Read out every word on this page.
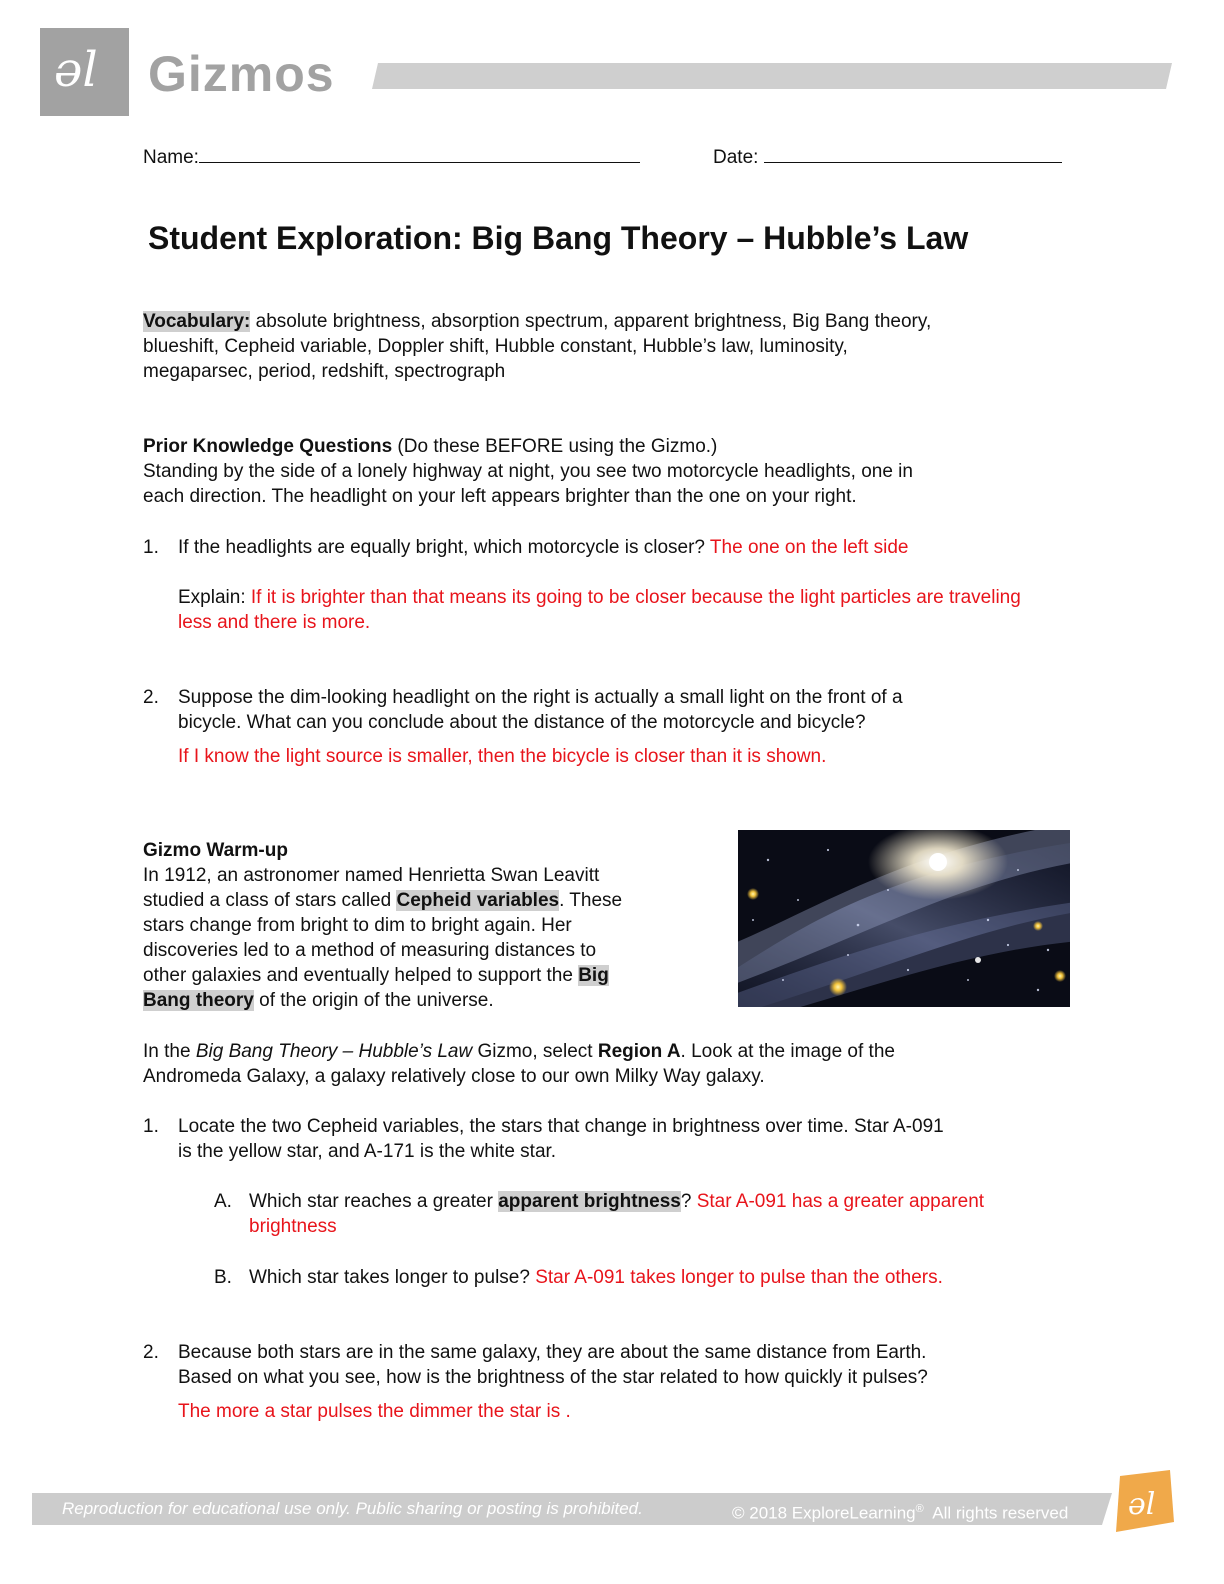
əl Gizmos
Name:	Date:
Student Exploration: Big Bang Theory – Hubble’s Law
Vocabulary: absolute brightness, absorption spectrum, apparent brightness, Big Bang theory,
blueshift, Cepheid variable, Doppler shift, Hubble constant, Hubble’s law, luminosity,
megaparsec, period, redshift, spectrograph
Prior Knowledge Questions (Do these BEFORE using the Gizmo.)
Standing by the side of a lonely highway at night, you see two motorcycle headlights, one in
each direction. The headlight on your left appears brighter than the one on your right.
1. If the headlights are equally bright, which motorcycle is closer? The one on the left side
Explain: If it is brighter than that means its going to be closer because the light particles are traveling
less and there is more.
2. Suppose the dim-looking headlight on the right is actually a small light on the front of a
bicycle. What can you conclude about the distance of the motorcycle and bicycle?
If I know the light source is smaller, then the bicycle is closer than it is shown.
Gizmo Warm-up
In 1912, an astronomer named Henrietta Swan Leavitt
studied a class of stars called Cepheid variables. These
stars change from bright to dim to bright again. Her
discoveries led to a method of measuring distances to
other galaxies and eventually helped to support the Big
Bang theory of the origin of the universe.
In the Big Bang Theory – Hubble’s Law Gizmo, select Region A. Look at the image of the
Andromeda Galaxy, a galaxy relatively close to our own Milky Way galaxy.
1. Locate the two Cepheid variables, the stars that change in brightness over time. Star A-091
is the yellow star, and A-171 is the white star.
A. Which star reaches a greater apparent brightness? Star A-091 has a greater apparent
brightness
B. Which star takes longer to pulse? Star A-091 takes longer to pulse than the others.
2. Because both stars are in the same galaxy, they are about the same distance from Earth.
Based on what you see, how is the brightness of the star related to how quickly it pulses?
The more a star pulses the dimmer the star is .
Reproduction for educational use only. Public sharing or posting is prohibited.	© 2018 ExploreLearning®  All rights reserved əl
